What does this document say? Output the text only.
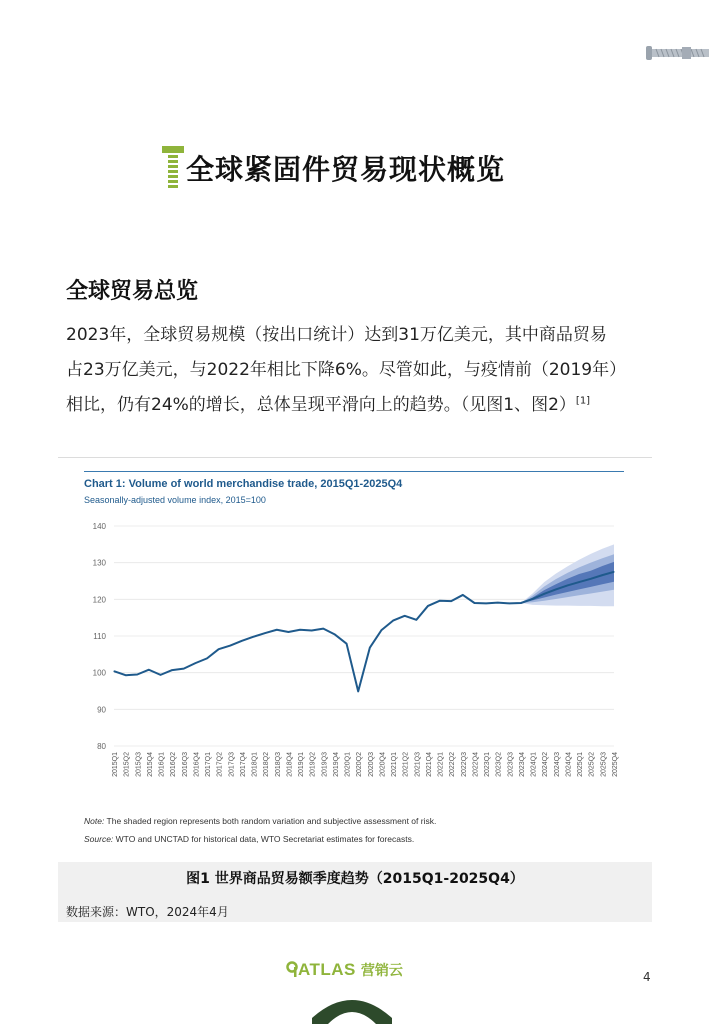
全球紧固件贸易现状概览
全球贸易总览
2023年，全球贸易规模（按出口统计）达到31万亿美元，其中商品贸易
占23万亿美元，与2022年相比下降6%。尽管如此，与疫情前（2019年）
相比，仍有24%的增长，总体呈现平滑向上的趋势。（见图1、图2）[1]
Chart 1: Volume of world merchandise trade, 2015Q1-2025Q4
Seasonally-adjusted volume index, 2015=100
80
90
100
110
120
130
140
2015Q1 2015Q2 2015Q3 2015Q4 2016Q1 2016Q2 2016Q3 2016Q4 2017Q1 2017Q2 2017Q3 2017Q4 2018Q1 2018Q2 2018Q3 2018Q4 2019Q1 2019Q2 2019Q3 2019Q4 2020Q1 2020Q2 2020Q3 2020Q4 2021Q1 2021Q2 2021Q3 2021Q4 2022Q1 2022Q2 2022Q3 2022Q4 2023Q1 2023Q2 2023Q3 2023Q4 2024Q1 2024Q2 2024Q3 2024Q4 2025Q1 2025Q2 2025Q3 2025Q4
Note: The shaded region represents both random variation and subjective assessment of risk.
Source: WTO and UNCTAD for historical data, WTO Secretariat estimates for forecasts.
图1 世界商品贸易额季度趋势（2015Q1-2025Q4）
数据来源：WTO，2024年4月
ATLAS 营销云	4
